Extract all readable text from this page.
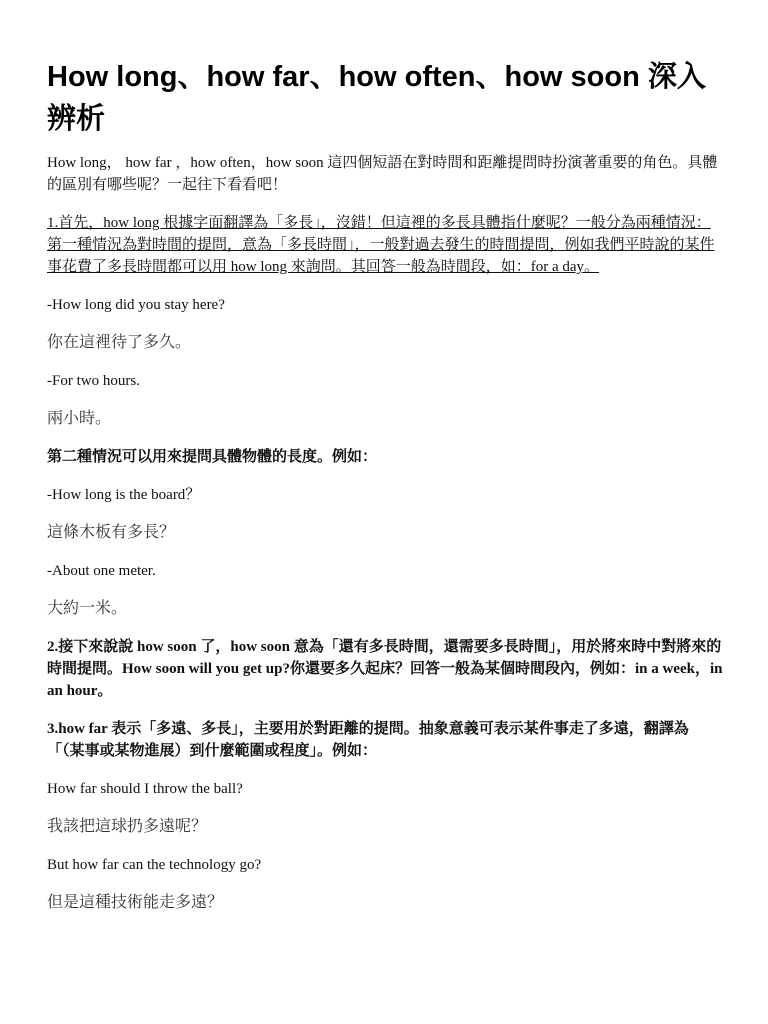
How long、how far、how often、how soon 深入辨析

How long， how far ，how often，how soon 這四個短語在對時間和距離提問時扮演著重要的角色。具體的區別有哪些呢？一起往下看看吧！

1.首先，how long 根據字面翻譯為「多長」，沒錯！但這裡的多長具體指什麼呢？一般分為兩種情況：第一種情況為對時間的提問，意為「多長時間」，一般對過去發生的時間提問，例如我們平時說的某件事花費了多長時間都可以用 how long 來詢問。其回答一般為時間段，如：for a day。

-How long did you stay here?

你在這裡待了多久。

-For two hours.

兩小時。

第二種情況可以用來提問具體物體的長度。例如：

-How long is the board？

這條木板有多長？

-About one meter.

大約一米。

2.接下來說說 how soon 了，how soon 意為「還有多長時間，還需要多長時間」，用於將來時中對將來的時間提問。How soon will you get up?你還要多久起床？回答一般為某個時間段內，例如：in a week，in an hour。

3.how far 表示「多遠、多長」，主要用於對距離的提問。抽象意義可表示某件事走了多遠，翻譯為「（某事或某物進展）到什麼範圍或程度」。例如：

How far should I throw the ball?

我該把這球扔多遠呢？

But how far can the technology go?

但是這種技術能走多遠？
